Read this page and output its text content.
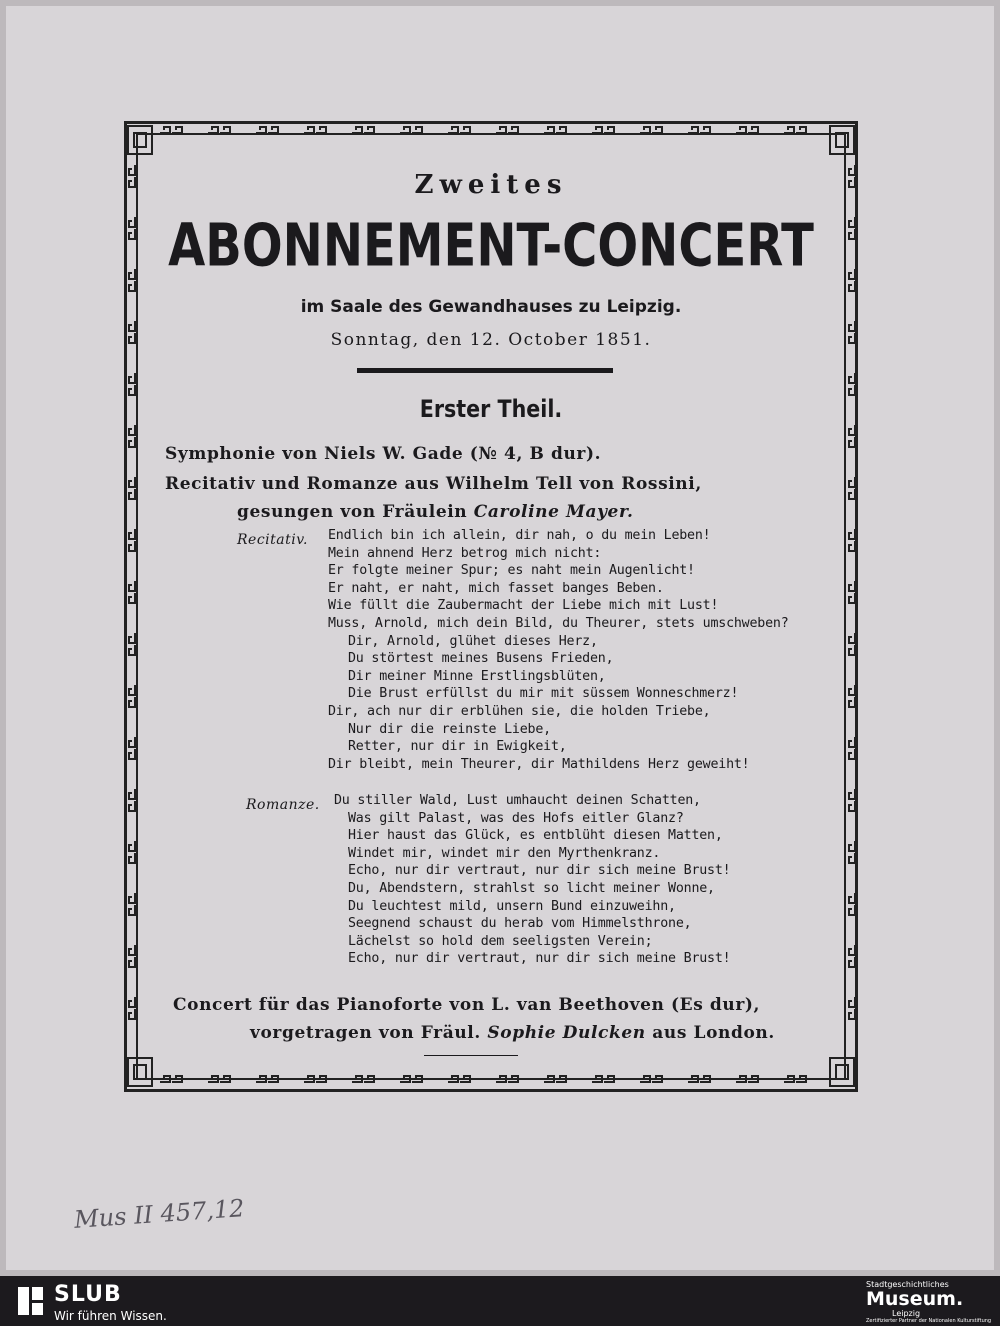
Zweites
ABONNEMENT-CONCERT
im Saale des Gewandhauses zu Leipzig.
Sonntag, den 12. October 1851.
Erster Theil.
Symphonie von Niels W. Gade (№ 4, B dur).
Recitativ und Romanze aus Wilhelm Tell von Rossini,
gesungen von Fräulein Caroline Mayer.
Recitativ. Endlich bin ich allein, dir nah, o du mein Leben!
Mein ahnend Herz betrog mich nicht:
Er folgte meiner Spur; es naht mein Augenlicht!
Er naht, er naht, mich fasset banges Beben.
Wie füllt die Zaubermacht der Liebe mich mit Lust!
Muss, Arnold, mich dein Bild, du Theurer, stets umschweben?
Dir, Arnold, glühet dieses Herz,
Du störtest meines Busens Frieden,
Dir meiner Minne Erstlingsblüten,
Die Brust erfüllst du mir mit süssem Wonneschmerz!
Dir, ach nur dir erblühen sie, die holden Triebe,
Nur dir die reinste Liebe,
Retter, nur dir in Ewigkeit,
Dir bleibt, mein Theurer, dir Mathildens Herz geweiht!
Romanze. Du stiller Wald, Lust umhaucht deinen Schatten,
Was gilt Palast, was des Hofs eitler Glanz?
Hier haust das Glück, es entblüht diesen Matten,
Windet mir, windet mir den Myrthenkranz.
Echo, nur dir vertraut, nur dir sich meine Brust!
Du, Abendstern, strahlst so licht meiner Wonne,
Du leuchtest mild, unsern Bund einzuweihn,
Seegnend schaust du herab vom Himmelsthrone,
Lächelst so hold dem seeligsten Verein;
Echo, nur dir vertraut, nur dir sich meine Brust!
Concert für das Pianoforte von L. van Beethoven (Es dur),
vorgetragen von Fräul. Sophie Dulcken aus London.
Mus II 457,12
SLUB
Wir führen Wissen.
Stadtgeschichtliches
Museum.
Leipzig
Zertifizierter Partner der Nationalen Kulturstiftung
